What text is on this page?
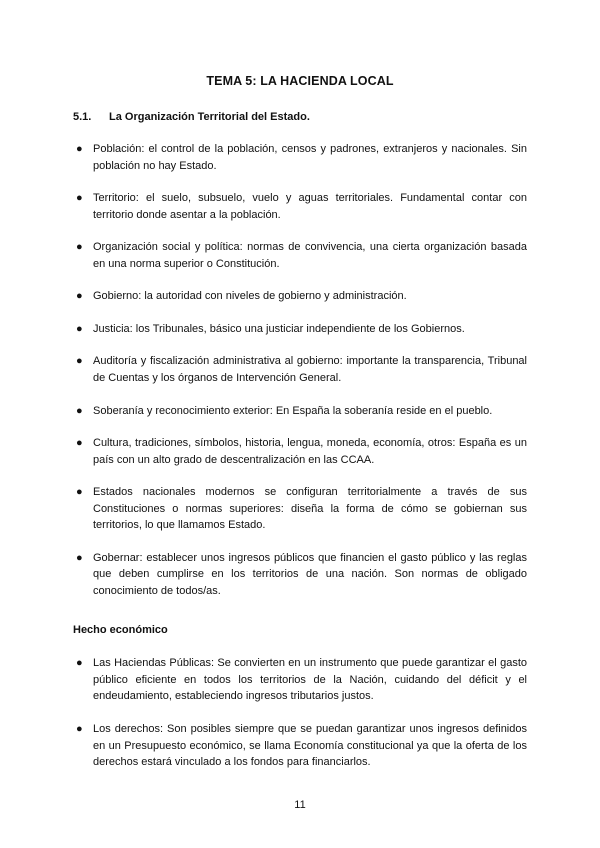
TEMA 5: LA HACIENDA LOCAL
5.1. La Organización Territorial del Estado.
● Población: el control de la población, censos y padrones, extranjeros y nacionales. Sin población no hay Estado.
● Territorio: el suelo, subsuelo, vuelo y aguas territoriales. Fundamental contar con territorio donde asentar a la población.
● Organización social y política: normas de convivencia, una cierta organización basada en una norma superior o Constitución.
● Gobierno: la autoridad con niveles de gobierno y administración.
● Justicia: los Tribunales, básico una justiciar independiente de los Gobiernos.
● Auditoría y fiscalización administrativa al gobierno: importante la transparencia, Tribunal de Cuentas y los órganos de Intervención General.
● Soberanía y reconocimiento exterior: En España la soberanía reside en el pueblo.
● Cultura, tradiciones, símbolos, historia, lengua, moneda, economía, otros: España es un país con un alto grado de descentralización en las CCAA.
● Estados nacionales modernos se configuran territorialmente a través de sus Constituciones o normas superiores: diseña la forma de cómo se gobiernan sus territorios, lo que llamamos Estado.
● Gobernar: establecer unos ingresos públicos que financien el gasto público y las reglas que deben cumplirse en los territorios de una nación. Son normas de obligado conocimiento de todos/as.
Hecho económico
● Las Haciendas Públicas: Se convierten en un instrumento que puede garantizar el gasto público eficiente en todos los territorios de la Nación, cuidando del déficit y el endeudamiento, estableciendo ingresos tributarios justos.
● Los derechos: Son posibles siempre que se puedan garantizar unos ingresos definidos en un Presupuesto económico, se llama Economía constitucional ya que la oferta de los derechos estará vinculado a los fondos para financiarlos.
11
